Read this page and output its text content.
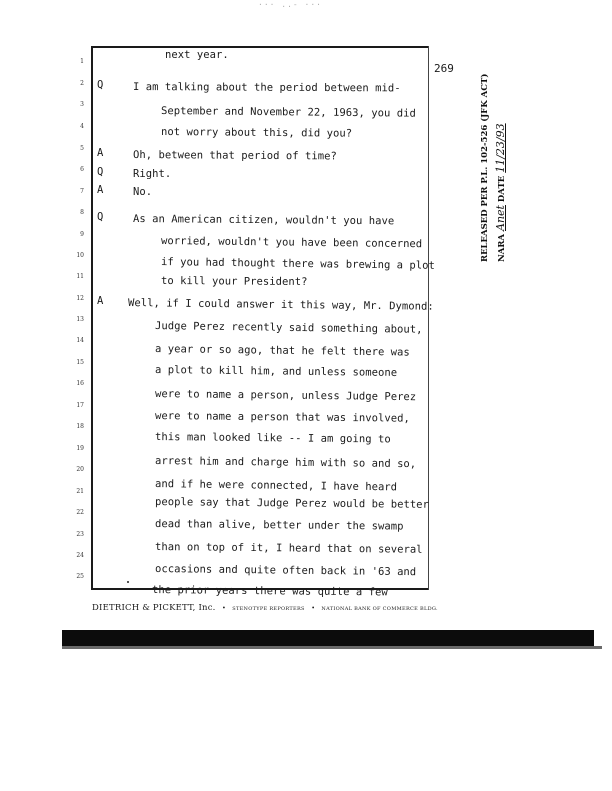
··· ..- ···
269
1
next year.
2 Q	I am talking about the period between mid-
3
September and November 22, 1963, you did
4	not worry about this, did you?
5 A	Oh, between that period of time?
6 Q	Right.
7 A	No.
8 Q	As an American citizen, wouldn't you have
9
worried, wouldn't you have been concerned
10
if you had thought there was brewing a plot
11	to kill your President?
12 A Well, if I could answer it this way, Mr. Dymond:
13
Judge Perez recently said something about,
14
a year or so ago, that he felt there was
15
a plot to kill him, and unless someone
16
were to name a person, unless Judge Perez
17
were to name a person that was involved,
18
this man looked like -- I am going to
19
arrest him and charge him with so and so,
20
and if he were connected, I have heard
21
people say that Judge Perez would be better
22
dead than alive, better under the swamp
23
than on top of it, I heard that on several
24
occasions and quite often back in '63 and
25
the prior years there was quite a few
DIETRICH & PICKETT, Inc. • STENOTYPE REPORTERS • NATIONAL BANK OF COMMERCE BLDG.
RELEASED PER P.L. 102-526 (JFK ACT) NARA Anet DATE 11/23/93
